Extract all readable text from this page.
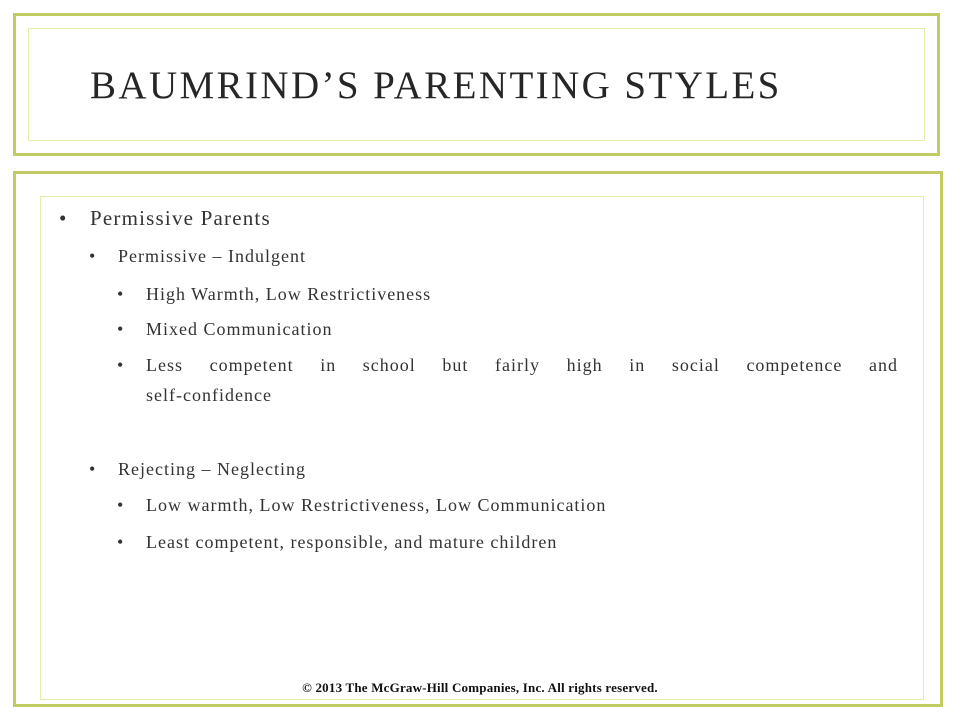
BAUMRIND’S PARENTING STYLES
• Permissive Parents
• Permissive – Indulgent
• High Warmth, Low Restrictiveness
• Mixed Communication
• Less competent in school but fairly high in social competence and
self-confidence
• Rejecting – Neglecting
• Low warmth, Low Restrictiveness, Low Communication
• Least competent, responsible, and mature children
© 2013 The McGraw-Hill Companies, Inc. All rights reserved.
